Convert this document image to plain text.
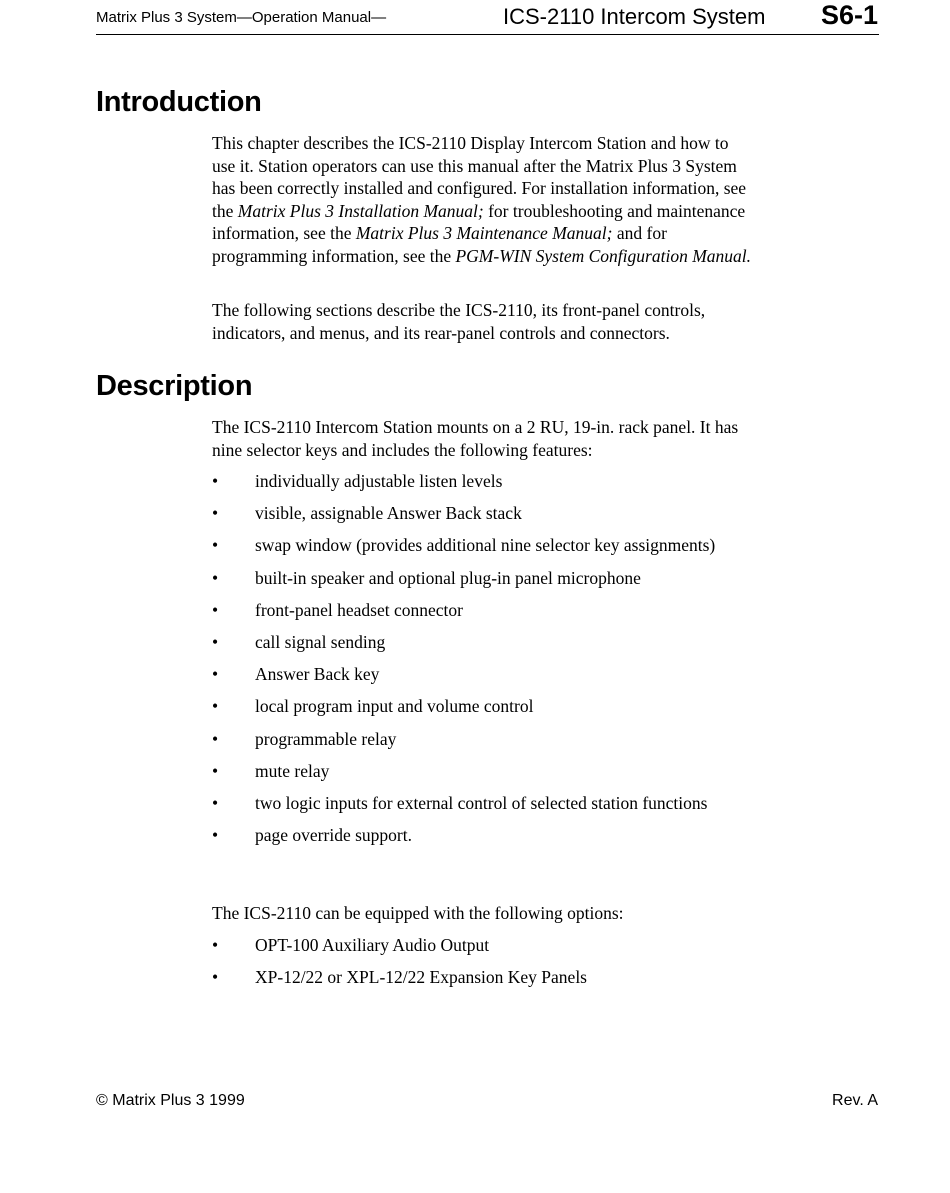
Matrix Plus 3 System—Operation Manual—	ICS-2110 Intercom System S6-1
Introduction

This chapter describes the ICS-2110 Display Intercom Station and how to use it. Station operators can use this manual after the Matrix Plus 3 System has been correctly installed and configured. For installation information, see the Matrix Plus 3 Installation Manual; for troubleshooting and maintenance information, see the Matrix Plus 3 Maintenance Manual; and for programming information, see the PGM-WIN System Configuration Manual.

The following sections describe the ICS-2110, its front-panel controls, indicators, and menus, and its rear-panel controls and connectors.

Description

The ICS-2110 Intercom Station mounts on a 2 RU, 19-in. rack panel. It has nine selector keys and includes the following features:

• individually adjustable listen levels
• visible, assignable Answer Back stack
• swap window (provides additional nine selector key assignments)
• built-in speaker and optional plug-in panel microphone
• front-panel headset connector
• call signal sending
• Answer Back key
• local program input and volume control
• programmable relay
• mute relay
• two logic inputs for external control of selected station functions
• page override support.

The ICS-2110 can be equipped with the following options:

• OPT-100 Auxiliary Audio Output
• XP-12/22 or XPL-12/22 Expansion Key Panels
© Matrix Plus 3 1999	Rev. A
